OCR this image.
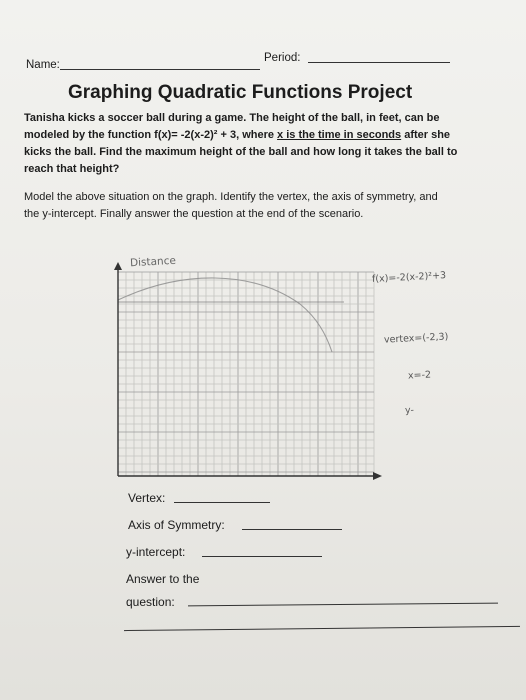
Name:
Period:
Graphing Quadratic Functions Project
Tanisha kicks a soccer ball during a game. The height of the ball, in feet, can be modeled by the function f(x)= -2(x-2)² + 3, where x is the time in seconds after she kicks the ball. Find the maximum height of the ball and how long it takes the ball to reach that height?
Model the above situation on the graph. Identify the vertex, the axis of symmetry, and the y-intercept. Finally answer the question at the end of the scenario.
Distance
f(x)=-2(x-2)²+3
vertex=(-2,3)
x=-2
y-
Vertex:
Axis of Symmetry:
y-intercept:
Answer to the
question:
